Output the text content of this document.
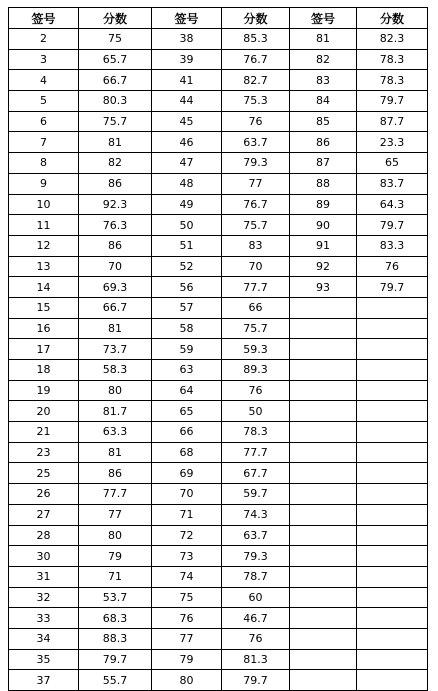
签号	分数	签号	分数	签号	分数
2	75	38	85.3	81	82.3
3	65.7	39	76.7	82	78.3
4	66.7	41	82.7	83	78.3
5	80.3	44	75.3	84	79.7
6	75.7	45	76	85	87.7
7	81	46	63.7	86	23.3
8	82	47	79.3	87	65
9	86	48	77	88	83.7
10	92.3	49	76.7	89	64.3
11	76.3	50	75.7	90	79.7
12	86	51	83	91	83.3
13	70	52	70	92	76
14	69.3	56	77.7	93	79.7
15	66.7	57	66		
16	81	58	75.7		
17	73.7	59	59.3		
18	58.3	63	89.3		
19	80	64	76		
20	81.7	65	50		
21	63.3	66	78.3		
23	81	68	77.7		
25	86	69	67.7		
26	77.7	70	59.7		
27	77	71	74.3		
28	80	72	63.7		
30	79	73	79.3		
31	71	74	78.7		
32	53.7	75	60		
33	68.3	76	46.7		
34	88.3	77	76		
35	79.7	79	81.3		
37	55.7	80	79.7		
